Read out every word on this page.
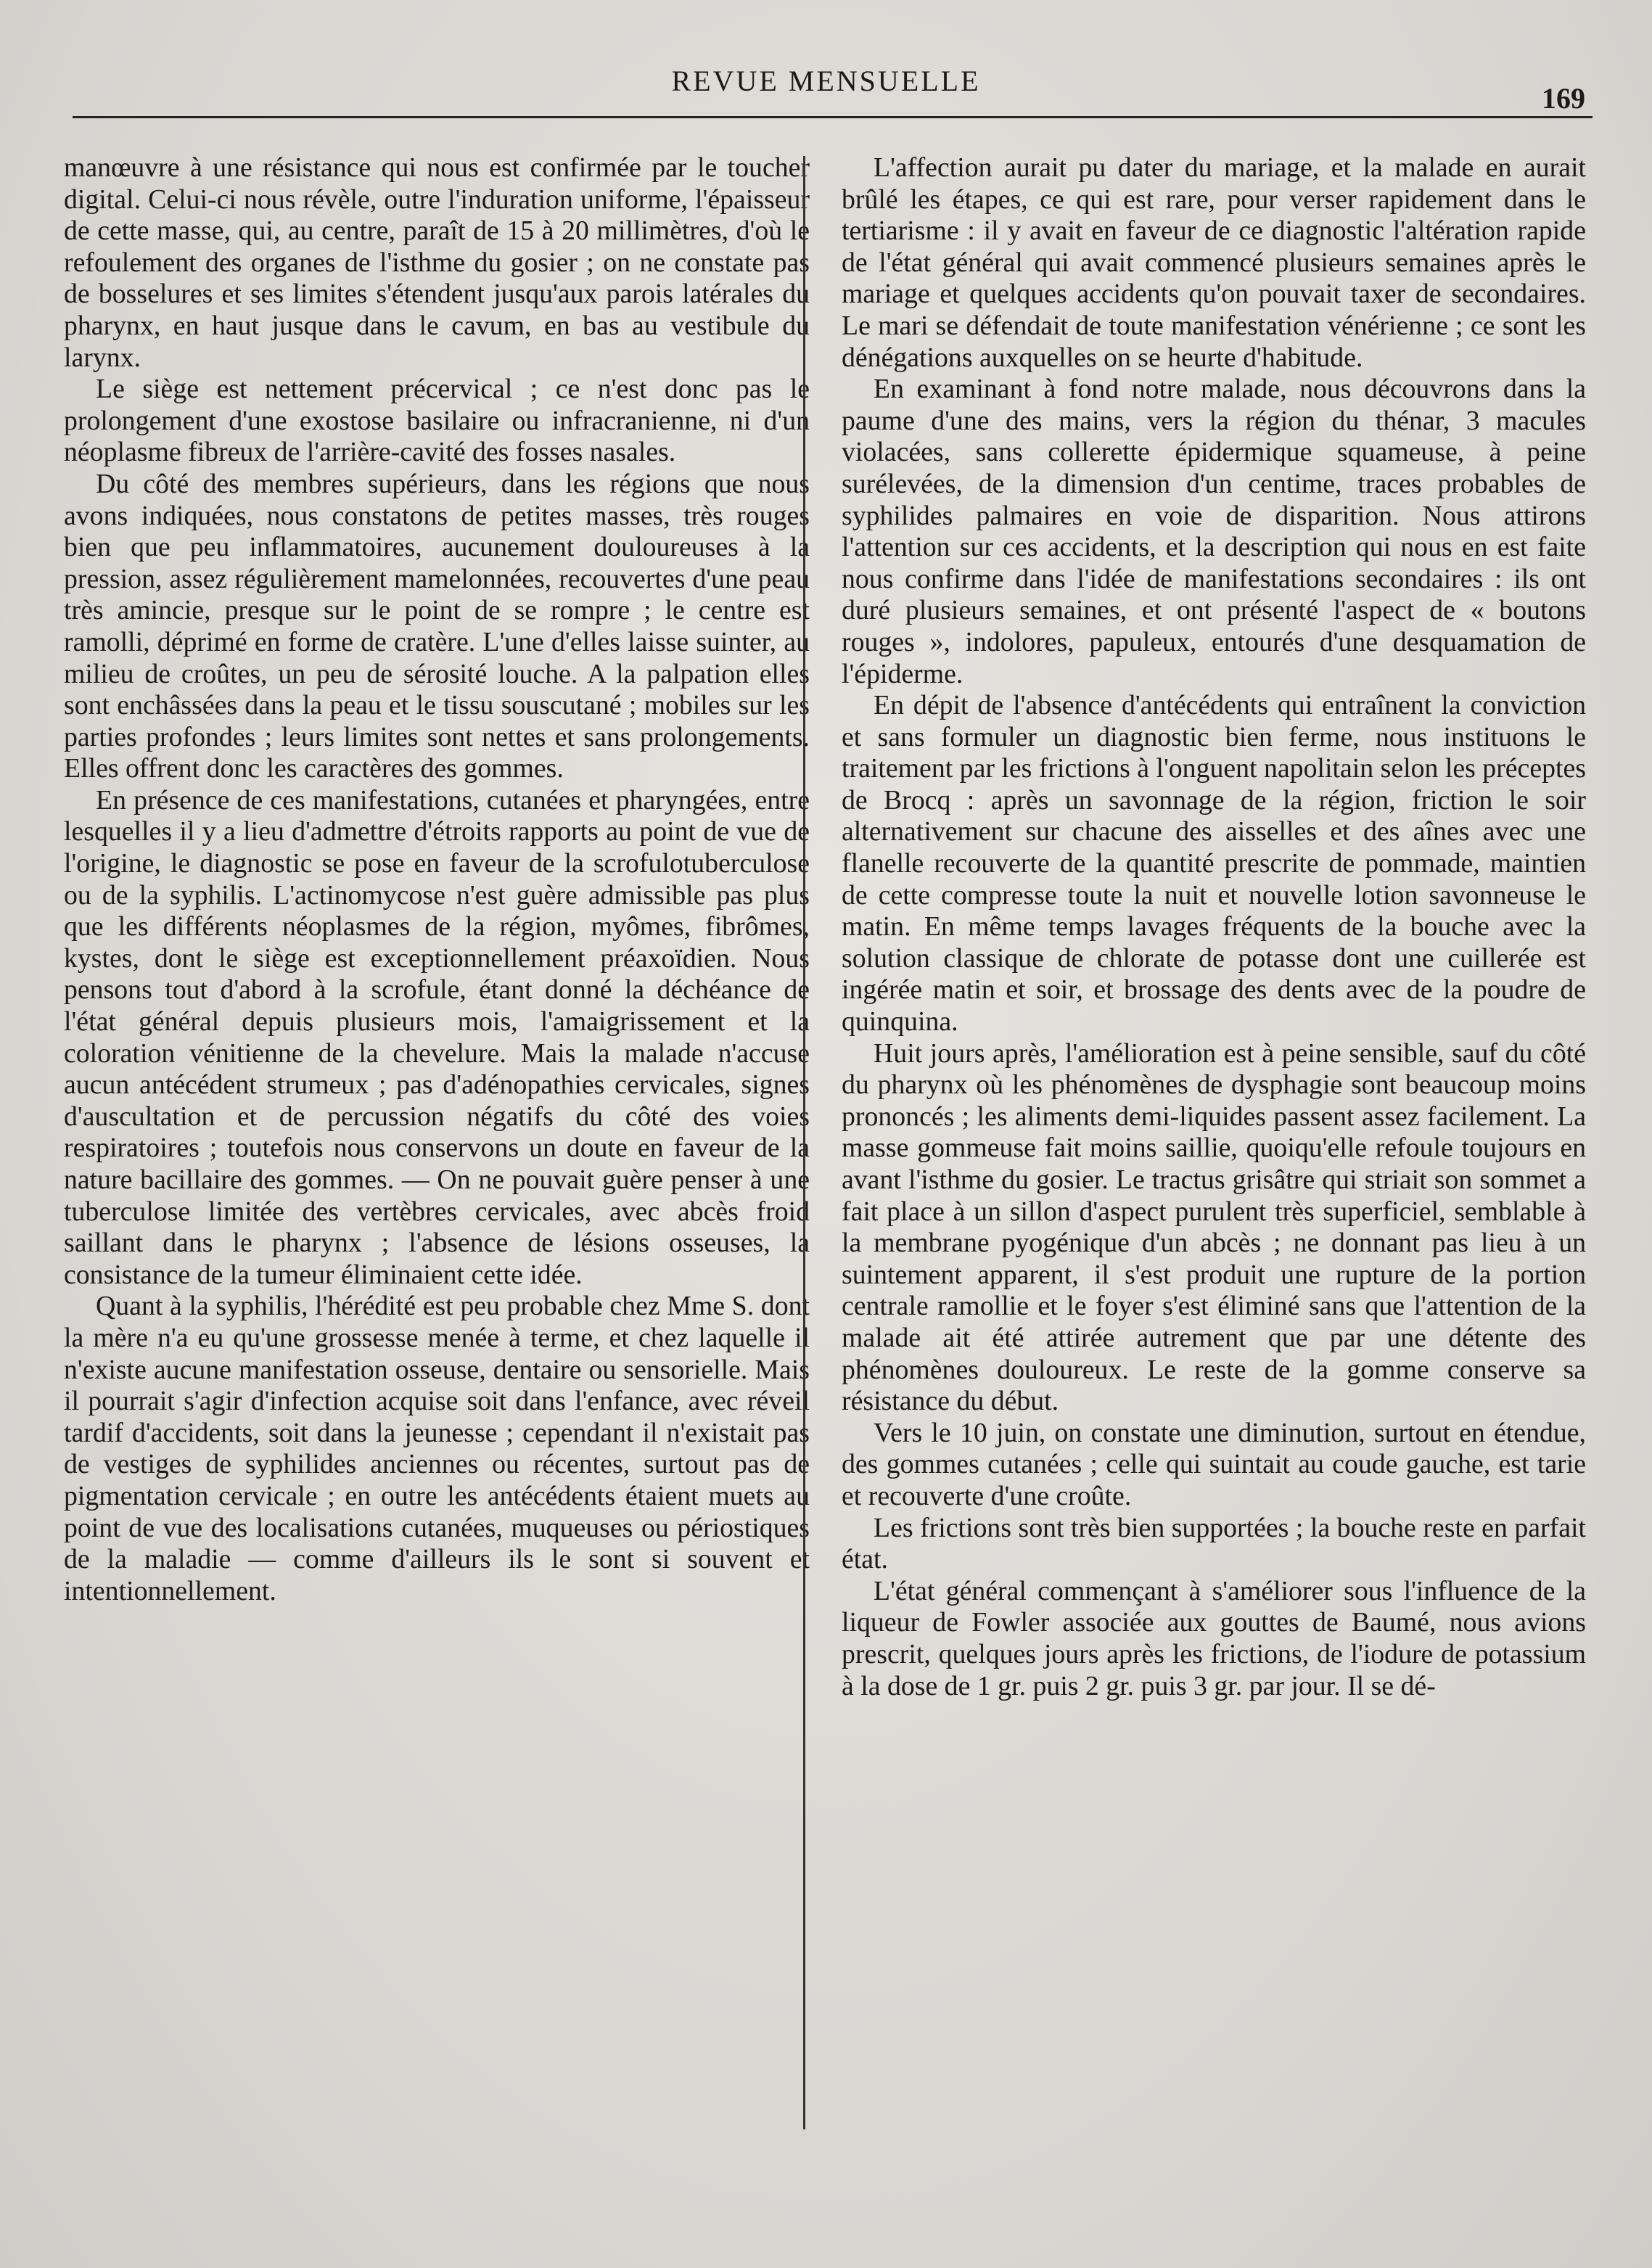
REVUE MENSUELLE
169

manœuvre à une résistance qui nous est confirmée par le toucher digital. Celui-ci nous révèle, outre l'induration uniforme, l'épaisseur de cette masse, qui, au centre, paraît de 15 à 20 millimètres, d'où le refoulement des organes de l'isthme du gosier ; on ne constate pas de bosselures et ses limites s'étendent jusqu'aux parois latérales du pharynx, en haut jusque dans le cavum, en bas au vestibule du larynx.

Le siège est nettement précervical ; ce n'est donc pas le prolongement d'une exostose basilaire ou infracranienne, ni d'un néoplasme fibreux de l'arrière-cavité des fosses nasales.

Du côté des membres supérieurs, dans les régions que nous avons indiquées, nous constatons de petites masses, très rouges bien que peu inflammatoires, aucunement douloureuses à la pression, assez régulièrement mamelonnées, recouvertes d'une peau très amincie, presque sur le point de se rompre ; le centre est ramolli, déprimé en forme de cratère. L'une d'elles laisse suinter, au milieu de croûtes, un peu de sérosité louche. A la palpation elles sont enchâssées dans la peau et le tissu souscutané ; mobiles sur les parties profondes ; leurs limites sont nettes et sans prolongements. Elles offrent donc les caractères des gommes.

En présence de ces manifestations, cutanées et pharyngées, entre lesquelles il y a lieu d'admettre d'étroits rapports au point de vue de l'origine, le diagnostic se pose en faveur de la scrofulotuberculose ou de la syphilis. L'actinomycose n'est guère admissible pas plus que les différents néoplasmes de la région, myômes, fibrômes, kystes, dont le siège est exceptionnellement préaxoïdien. Nous pensons tout d'abord à la scrofule, étant donné la déchéance de l'état général depuis plusieurs mois, l'amaigrissement et la coloration vénitienne de la chevelure. Mais la malade n'accuse aucun antécédent strumeux ; pas d'adénopathies cervicales, signes d'auscultation et de percussion négatifs du côté des voies respiratoires ; toutefois nous conservons un doute en faveur de la nature bacillaire des gommes. — On ne pouvait guère penser à une tuberculose limitée des vertèbres cervicales, avec abcès froid saillant dans le pharynx ; l'absence de lésions osseuses, la consistance de la tumeur éliminaient cette idée.

Quant à la syphilis, l'hérédité est peu probable chez Mme S. dont la mère n'a eu qu'une grossesse menée à terme, et chez laquelle il n'existe aucune manifestation osseuse, dentaire ou sensorielle. Mais il pourrait s'agir d'infection acquise soit dans l'enfance, avec réveil tardif d'accidents, soit dans la jeunesse ; cependant il n'existait pas de vestiges de syphilides anciennes ou récentes, surtout pas de pigmentation cervicale ; en outre les antécédents étaient muets au point de vue des localisations cutanées, muqueuses ou périostiques de la maladie — comme d'ailleurs ils le sont si souvent et intentionnellement.

L'affection aurait pu dater du mariage, et la malade en aurait brûlé les étapes, ce qui est rare, pour verser rapidement dans le tertiarisme : il y avait en faveur de ce diagnostic l'altération rapide de l'état général qui avait commencé plusieurs semaines après le mariage et quelques accidents qu'on pouvait taxer de secondaires. Le mari se défendait de toute manifestation vénérienne ; ce sont les dénégations auxquelles on se heurte d'habitude.

En examinant à fond notre malade, nous découvrons dans la paume d'une des mains, vers la région du thénar, 3 macules violacées, sans collerette épidermique squameuse, à peine surélevées, de la dimension d'un centime, traces probables de syphilides palmaires en voie de disparition. Nous attirons l'attention sur ces accidents, et la description qui nous en est faite nous confirme dans l'idée de manifestations secondaires : ils ont duré plusieurs semaines, et ont présenté l'aspect de « boutons rouges », indolores, papuleux, entourés d'une desquamation de l'épiderme.

En dépit de l'absence d'antécédents qui entraînent la conviction et sans formuler un diagnostic bien ferme, nous instituons le traitement par les frictions à l'onguent napolitain selon les préceptes de Brocq : après un savonnage de la région, friction le soir alternativement sur chacune des aisselles et des aînes avec une flanelle recouverte de la quantité prescrite de pommade, maintien de cette compresse toute la nuit et nouvelle lotion savonneuse le matin. En même temps lavages fréquents de la bouche avec la solution classique de chlorate de potasse dont une cuillerée est ingérée matin et soir, et brossage des dents avec de la poudre de quinquina.

Huit jours après, l'amélioration est à peine sensible, sauf du côté du pharynx où les phénomènes de dysphagie sont beaucoup moins prononcés ; les aliments demi-liquides passent assez facilement. La masse gommeuse fait moins saillie, quoiqu'elle refoule toujours en avant l'isthme du gosier. Le tractus grisâtre qui striait son sommet a fait place à un sillon d'aspect purulent très superficiel, semblable à la membrane pyogénique d'un abcès ; ne donnant pas lieu à un suintement apparent, il s'est produit une rupture de la portion centrale ramollie et le foyer s'est éliminé sans que l'attention de la malade ait été attirée autrement que par une détente des phénomènes douloureux. Le reste de la gomme conserve sa résistance du début.

Vers le 10 juin, on constate une diminution, surtout en étendue, des gommes cutanées ; celle qui suintait au coude gauche, est tarie et recouverte d'une croûte.

Les frictions sont très bien supportées ; la bouche reste en parfait état.

L'état général commençant à s'améliorer sous l'influence de la liqueur de Fowler associée aux gouttes de Baumé, nous avions prescrit, quelques jours après les frictions, de l'iodure de potassium à la dose de 1 gr. puis 2 gr. puis 3 gr. par jour. Il se dé-
